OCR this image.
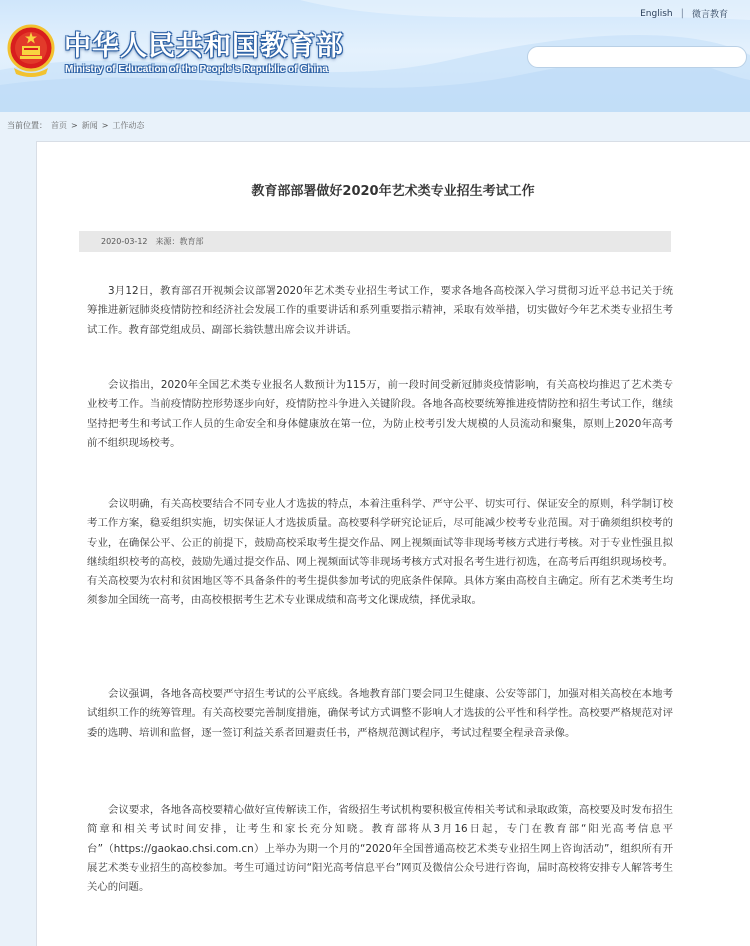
中华人民共和国教育部
Ministry of Education of the People's Republic of China
English | 微言教育
当前位置： 首页 > 新闻 > 工作动态
教育部部署做好2020年艺术类专业招生考试工作
2020-03-12 来源：教育部

3月12日，教育部召开视频会议部署2020年艺术类专业招生考试工作，要求各地各高校深入学习贯彻习近平总书记关于统筹推进新冠肺炎疫情防控和经济社会发展工作的重要讲话和系列重要指示精神，采取有效举措，切实做好今年艺术类专业招生考试工作。教育部党组成员、副部长翁铁慧出席会议并讲话。

会议指出，2020年全国艺术类专业报名人数预计为115万，前一段时间受新冠肺炎疫情影响，有关高校均推迟了艺术类专业校考工作。当前疫情防控形势逐步向好，疫情防控斗争进入关键阶段。各地各高校要统筹推进疫情防控和招生考试工作，继续坚持把考生和考试工作人员的生命安全和身体健康放在第一位，为防止校考引发大规模的人员流动和聚集，原则上2020年高考前不组织现场校考。

会议明确，有关高校要结合不同专业人才选拔的特点，本着注重科学、严守公平、切实可行、保证安全的原则，科学制订校考工作方案，稳妥组织实施，切实保证人才选拔质量。高校要科学研究论证后，尽可能减少校考专业范围。对于确须组织校考的专业，在确保公平、公正的前提下，鼓励高校采取考生提交作品、网上视频面试等非现场考核方式进行考核。对于专业性强且拟继续组织校考的高校，鼓励先通过提交作品、网上视频面试等非现场考核方式对报名考生进行初选，在高考后再组织现场校考。有关高校要为农村和贫困地区等不具备条件的考生提供参加考试的兜底条件保障。具体方案由高校自主确定。所有艺术类考生均须参加全国统一高考，由高校根据考生艺术专业课成绩和高考文化课成绩，择优录取。

会议强调，各地各高校要严守招生考试的公平底线。各地教育部门要会同卫生健康、公安等部门，加强对相关高校在本地考试组织工作的统筹管理。有关高校要完善制度措施，确保考试方式调整不影响人才选拔的公平性和科学性。高校要严格规范对评委的选聘、培训和监督，逐一签订利益关系者回避责任书，严格规范测试程序，考试过程要全程录音录像。

会议要求，各地各高校要精心做好宣传解读工作，省级招生考试机构要积极宣传相关考试和录取政策，高校要及时发布招生简章和相关考试时间安排，让考生和家长充分知晓。教育部将从3月16日起，专门在教育部“阳光高考信息平台”（https://gaokao.chsi.com.cn）上举办为期一个月的“2020年全国普通高校艺术类专业招生网上咨询活动”，组织所有开展艺术类专业招生的高校参加。考生可通过访问“阳光高考信息平台”网页及微信公众号进行咨询，届时高校将安排专人解答考生关心的问题。
